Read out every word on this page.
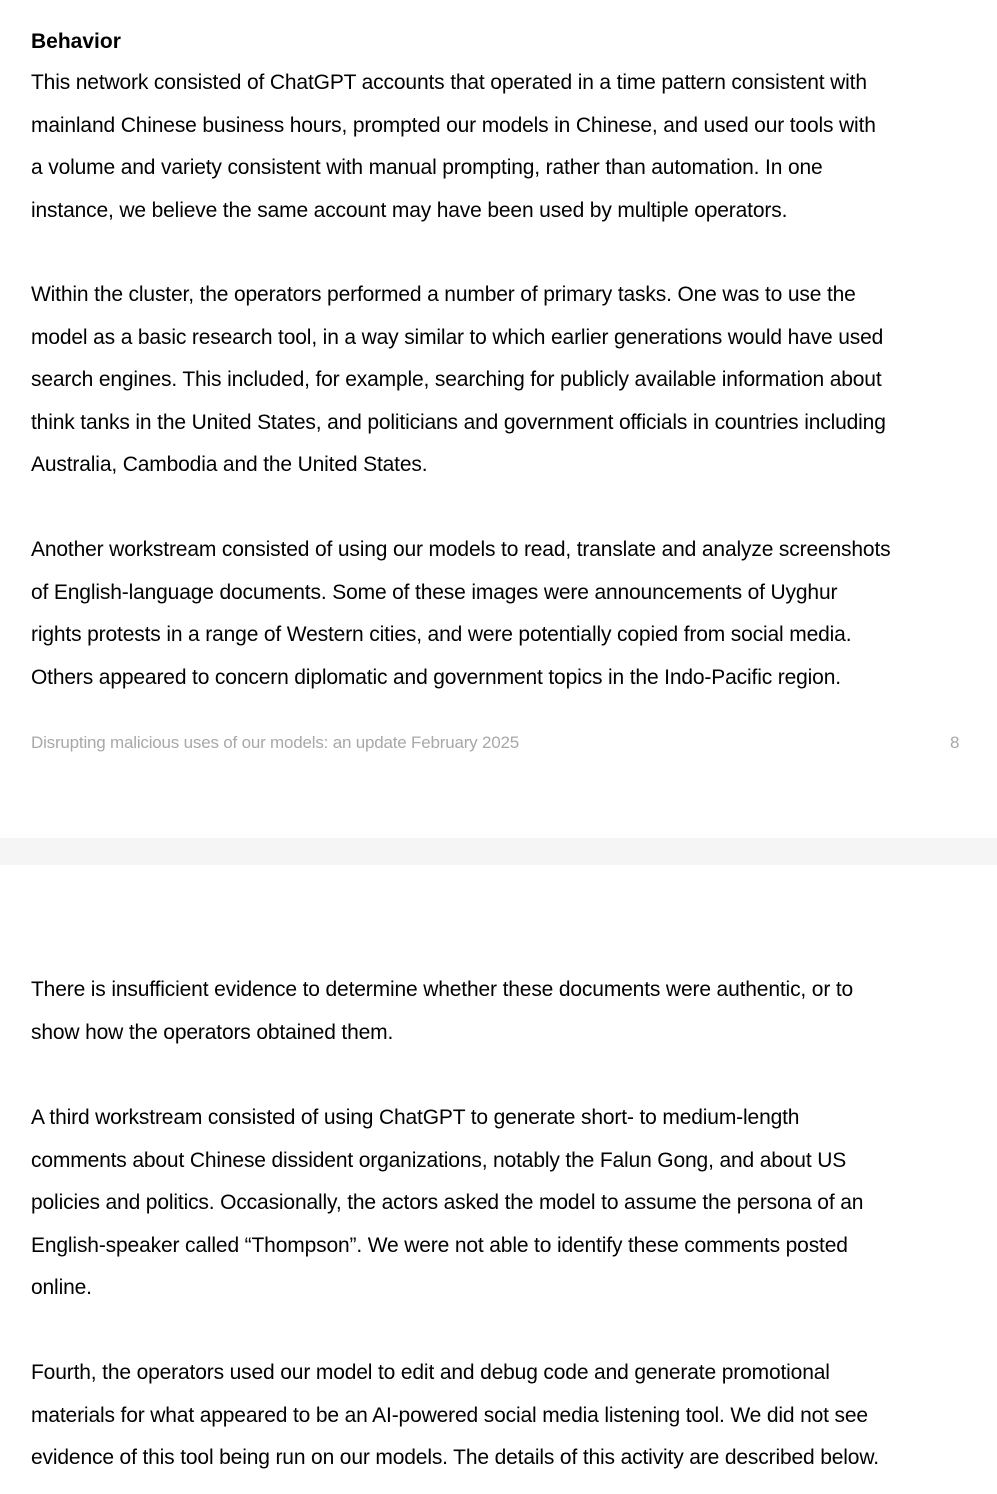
Behavior

This network consisted of ChatGPT accounts that operated in a time pattern consistent with
mainland Chinese business hours, prompted our models in Chinese, and used our tools with
a volume and variety consistent with manual prompting, rather than automation. In one
instance, we believe the same account may have been used by multiple operators.

Within the cluster, the operators performed a number of primary tasks. One was to use the
model as a basic research tool, in a way similar to which earlier generations would have used
search engines. This included, for example, searching for publicly available information about
think tanks in the United States, and politicians and government officials in countries including
Australia, Cambodia and the United States.

Another workstream consisted of using our models to read, translate and analyze screenshots
of English-language documents. Some of these images were announcements of Uyghur
rights protests in a range of Western cities, and were potentially copied from social media.
Others appeared to concern diplomatic and government topics in the Indo-Pacific region.

Disrupting malicious uses of our models: an update February 2025	8

There is insufficient evidence to determine whether these documents were authentic, or to
show how the operators obtained them.

A third workstream consisted of using ChatGPT to generate short- to medium-length
comments about Chinese dissident organizations, notably the Falun Gong, and about US
policies and politics. Occasionally, the actors asked the model to assume the persona of an
English-speaker called “Thompson”. We were not able to identify these comments posted
online.

Fourth, the operators used our model to edit and debug code and generate promotional
materials for what appeared to be an AI-powered social media listening tool. We did not see
evidence of this tool being run on our models. The details of this activity are described below.
